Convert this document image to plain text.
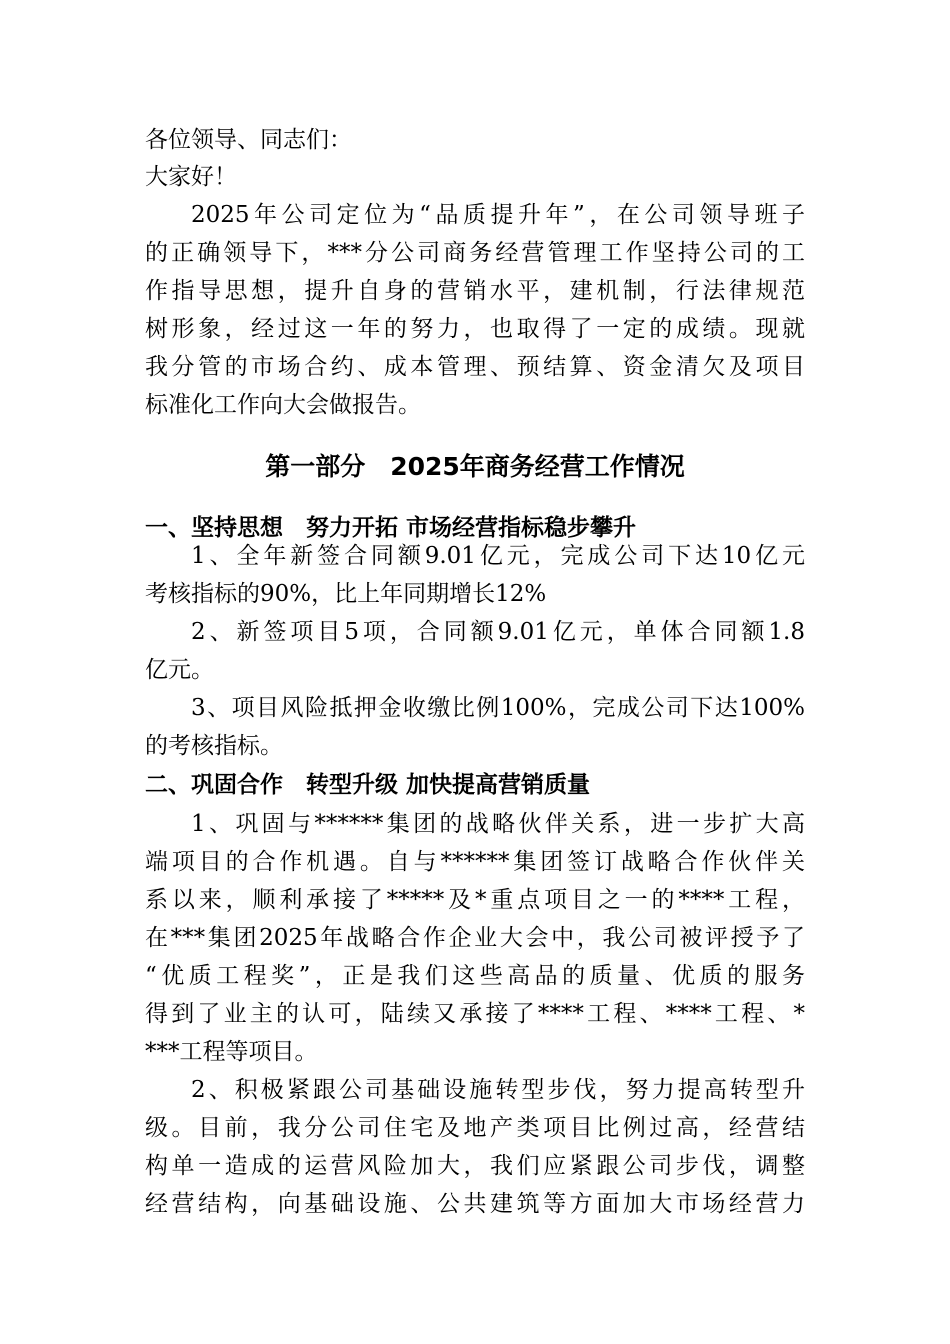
各位领导、同志们：
大家好！
2025年公司定位为“品质提升年”，在公司领导班子
的正确领导下，***分公司商务经营管理工作坚持公司的工
作指导思想，提升自身的营销水平，建机制，行法律规范
树形象，经过这一年的努力，也取得了一定的成绩。现就
我分管的市场合约、成本管理、预结算、资金清欠及项目
标准化工作向大会做报告。
第一部分　2025年商务经营工作情况
一、坚持思想　努力开拓 市场经营指标稳步攀升
1、全年新签合同额9.01亿元，完成公司下达10亿元
考核指标的90%，比上年同期增长12%
2、新签项目5项，合同额9.01亿元，单体合同额1.8
亿元。
3、项目风险抵押金收缴比例100%，完成公司下达100%
的考核指标。
二、巩固合作　转型升级 加快提高营销质量
1、巩固与******集团的战略伙伴关系，进一步扩大高
端项目的合作机遇。自与******集团签订战略合作伙伴关
系以来，顺利承接了*****及*重点项目之一的****工程，
在***集团2025年战略合作企业大会中，我公司被评授予了
“优质工程奖”，正是我们这些高品的质量、优质的服务
得到了业主的认可，陆续又承接了****工程、****工程、*
***工程等项目。
2、积极紧跟公司基础设施转型步伐，努力提高转型升
级。目前，我分公司住宅及地产类项目比例过高，经营结
构单一造成的运营风险加大，我们应紧跟公司步伐，调整
经营结构，向基础设施、公共建筑等方面加大市场经营力
